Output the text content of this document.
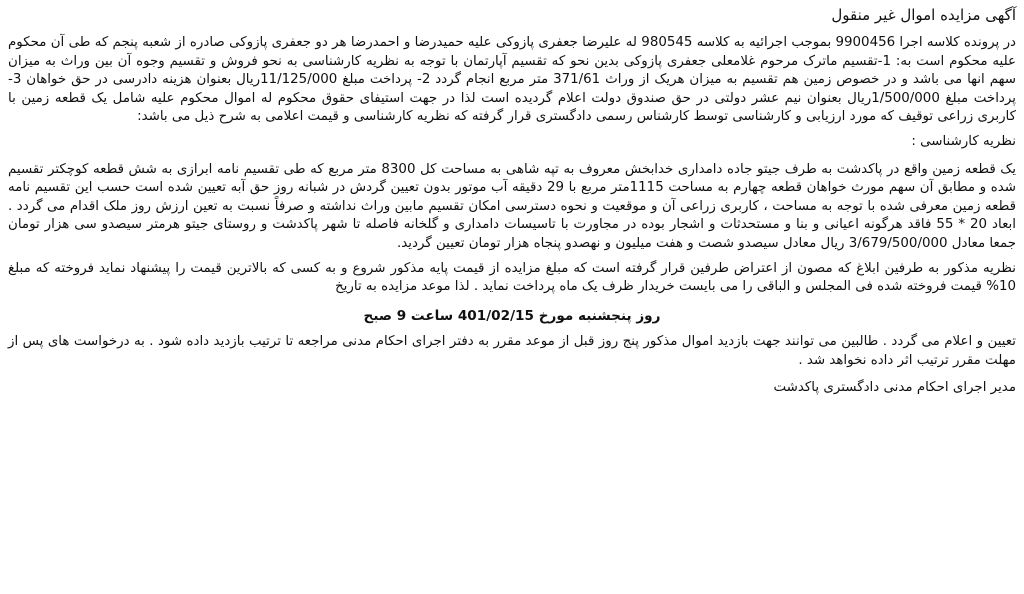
آگهی مزایده اموال غیر منقول

در پرونده کلاسه اجرا 9900456 بموجب اجرائیه به کلاسه 980545 له علیرضا جعفری پازوکی علیه حمیدرضا و احمدرضا هر دو جعفری پازوکی صادره از شعبه پنجم که طی آن محکوم علیه محکوم است به: 1-تقسیم ماترک مرحوم غلامعلی جعفری پازوکی بدین نحو که تقسیم آپارتمان با توجه به نظریه کارشناسی به نحو فروش و تقسیم وجوه آن بین وراث به میزان سهم انها می باشد و در خصوص زمین هم تقسیم به میزان هریک از وراث 371/61 متر مربع انجام گردد 2- پرداخت مبلغ 11/125/000ریال بعنوان هزینه دادرسی در حق خواهان 3- پرداخت مبلغ 1/500/000ریال بعنوان نیم عشر دولتی در حق صندوق دولت اعلام گردیده است لذا در جهت استیفای حقوق محکوم له اموال محکوم علیه شامل یک قطعه زمین با کاربری زراعی توقیف که مورد ارزیابی و کارشناسی توسط کارشناس رسمی دادگستری قرار گرفته که نظریه کارشناسی و قیمت اعلامی به شرح ذیل می باشد:

نظریه کارشناسی :

یک قطعه زمین واقع در پاکدشت به طرف جیتو جاده دامداری خدابخش معروف به تپه شاهی به مساحت کل 8300 متر مربع که طی تقسیم نامه ابرازی به شش قطعه کوچکتر تقسیم شده و مطابق آن سهم مورث خواهان قطعه چهارم به مساحت 1115متر مربع با 29 دقیقه آب موتور بدون تعیین گردش در شبانه روز حق آبه تعیین شده است حسب این تقسیم نامه قطعه زمین معرفی شده با توجه به مساحت ، کاربری زراعی آن و موقعیت و نحوه دسترسی امکان تقسیم مابین وراث نداشته و صرفاً نسبت به تعین ارزش روز ملک اقدام می گردد . ابعاد 20 * 55 فاقد هرگونه اعیانی و بنا و مستحدثات و اشجار بوده در مجاورت با تاسیسات دامداری و گلخانه فاصله تا شهر پاکدشت و روستای جیتو هرمتر سیصدو سی هزار تومان جمعا معادل 3/679/500/000 ریال معادل سیصدو شصت و هفت میلیون و نهصدو پنجاه هزار تومان تعیین گردید.

نظریه مذکور به طرفین ابلاغ که مصون از اعتراض طرفین قرار گرفته است که مبلغ مزایده از قیمت پایه مذکور شروع و به کسی که بالاترین قیمت را پیشنهاد نماید فروخته که مبلغ 10% قیمت فروخته شده فی المجلس و الباقی را می بایست خریدار ظرف یک ماه پرداخت نماید . لذا موعد مزایده به تاریخ

روز پنجشنبه مورخ 401/02/15 ساعت 9 صبح

تعیین و اعلام می گردد . طالبین می توانند جهت بازدید اموال مذکور پنج روز قبل از موعد مقرر به دفتر اجرای احکام مدنی مراجعه تا ترتیب بازدید داده شود . به درخواست های پس از مهلت مقرر ترتیب اثر داده نخواهد شد .

مدیر اجرای احکام مدنی دادگستری پاکدشت
